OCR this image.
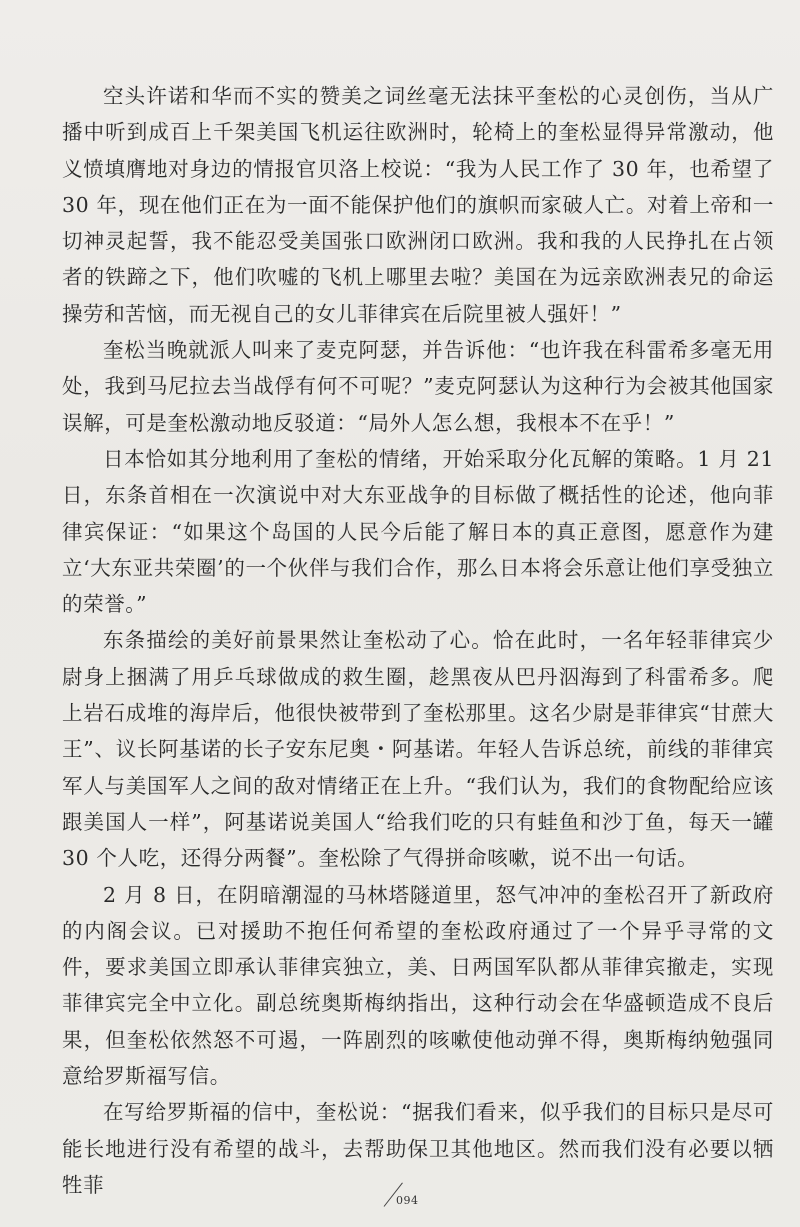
空头许诺和华而不实的赞美之词丝毫无法抹平奎松的心灵创伤，当从广播中听到成百上千架美国飞机运往欧洲时，轮椅上的奎松显得异常激动，他义愤填膺地对身边的情报官贝洛上校说：“我为人民工作了 30 年，也希望了 30 年，现在他们正在为一面不能保护他们的旗帜而家破人亡。对着上帝和一切神灵起誓，我不能忍受美国张口欧洲闭口欧洲。我和我的人民挣扎在占领者的铁蹄之下，他们吹嘘的飞机上哪里去啦？美国在为远亲欧洲表兄的命运操劳和苦恼，而无视自己的女儿菲律宾在后院里被人强奸！”

奎松当晚就派人叫来了麦克阿瑟，并告诉他：“也许我在科雷希多毫无用处，我到马尼拉去当战俘有何不可呢？”麦克阿瑟认为这种行为会被其他国家误解，可是奎松激动地反驳道：“局外人怎么想，我根本不在乎！”

日本恰如其分地利用了奎松的情绪，开始采取分化瓦解的策略。1 月 21 日，东条首相在一次演说中对大东亚战争的目标做了概括性的论述，他向菲律宾保证：“如果这个岛国的人民今后能了解日本的真正意图，愿意作为建立‘大东亚共荣圈’的一个伙伴与我们合作，那么日本将会乐意让他们享受独立的荣誉。”

东条描绘的美好前景果然让奎松动了心。恰在此时，一名年轻菲律宾少尉身上捆满了用乒乓球做成的救生圈，趁黑夜从巴丹泅海到了科雷希多。爬上岩石成堆的海岸后，他很快被带到了奎松那里。这名少尉是菲律宾“甘蔗大王”、议长阿基诺的长子安东尼奥・阿基诺。年轻人告诉总统，前线的菲律宾军人与美国军人之间的敌对情绪正在上升。“我们认为，我们的食物配给应该跟美国人一样”，阿基诺说美国人“给我们吃的只有蛙鱼和沙丁鱼，每天一罐 30 个人吃，还得分两餐”。奎松除了气得拼命咳嗽，说不出一句话。

2 月 8 日，在阴暗潮湿的马林塔隧道里，怒气冲冲的奎松召开了新政府的内阁会议。已对援助不抱任何希望的奎松政府通过了一个异乎寻常的文件，要求美国立即承认菲律宾独立，美、日两国军队都从菲律宾撤走，实现菲律宾完全中立化。副总统奥斯梅纳指出，这种行动会在华盛顿造成不良后果，但奎松依然怒不可遏，一阵剧烈的咳嗽使他动弹不得，奥斯梅纳勉强同意给罗斯福写信。

在写给罗斯福的信中，奎松说：“据我们看来，似乎我们的目标只是尽可能长地进行没有希望的战斗，去帮助保卫其他地区。然而我们没有必要以牺牲菲

094
